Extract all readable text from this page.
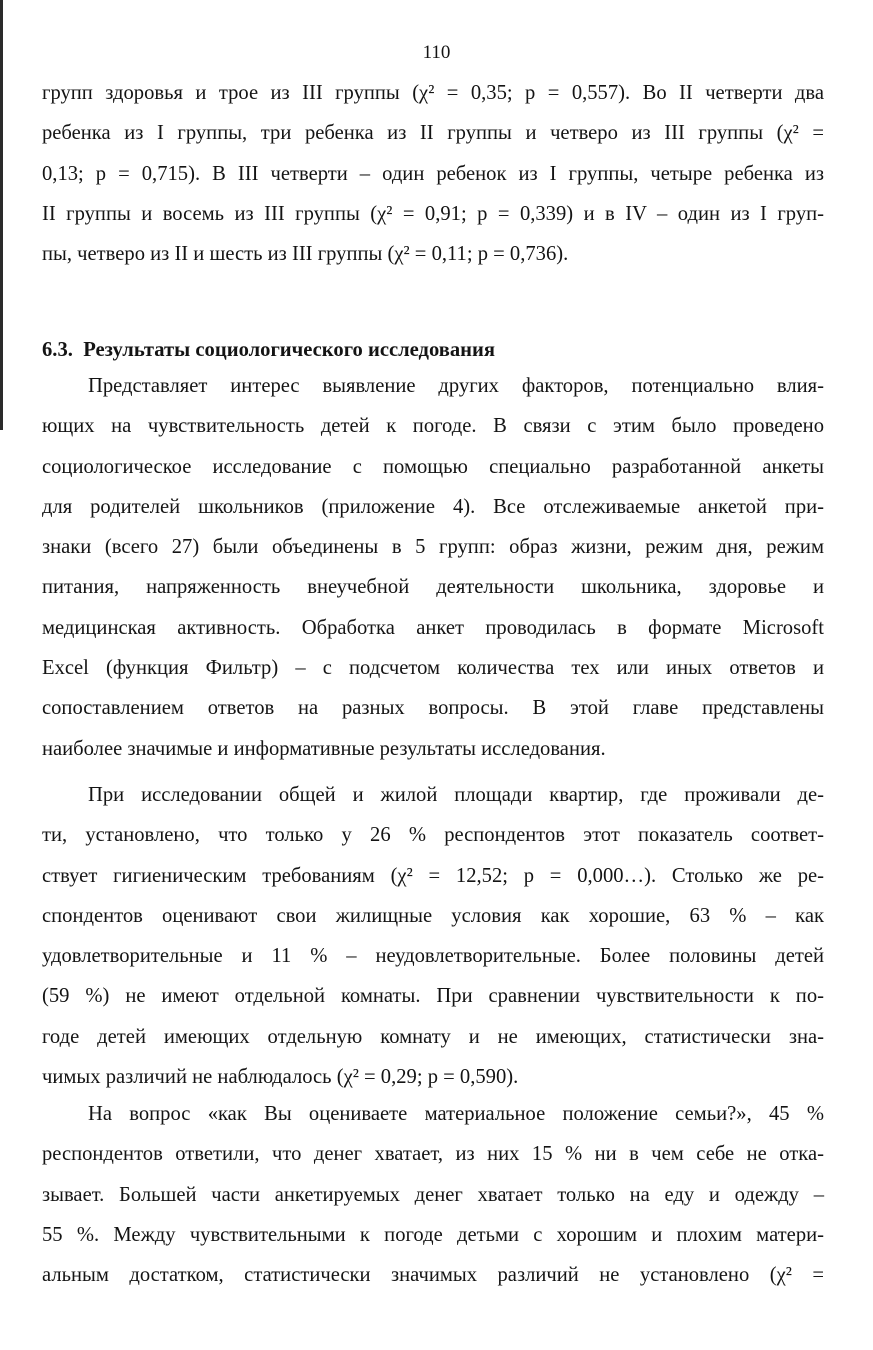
110
групп здоровья и трое из III группы (χ² = 0,35; р = 0,557). Во II четверти два
ребенка из I группы, три ребенка из II группы и четверо из III группы (χ² =
0,13; р = 0,715). В III четверти – один ребенок из I группы, четыре ребенка из
II группы и восемь из III группы (χ² = 0,91; р = 0,339) и в IV – один из I груп-
пы, четверо из II и шесть из III группы (χ² = 0,11; р = 0,736).
6.3.  Результаты социологического исследования
Представляет интерес выявление других факторов, потенциально влия-
ющих на чувствительность детей к погоде. В связи с этим было проведено
социологическое исследование с помощью специально разработанной анкеты
для родителей школьников (приложение 4). Все отслеживаемые анкетой при-
знаки (всего 27) были объединены в 5 групп: образ жизни, режим дня, режим
питания, напряженность внеучебной деятельности школьника, здоровье и
медицинская активность. Обработка анкет проводилась в формате Microsoft
Excel (функция Фильтр) – с подсчетом количества тех или иных ответов и
сопоставлением ответов на разных вопросы. В этой главе представлены
наиболее значимые и информативные результаты исследования.
При исследовании общей и жилой площади квартир, где проживали де-
ти, установлено, что только у 26 % респондентов этот показатель соответ-
ствует гигиеническим требованиям (χ² = 12,52; р = 0,000…). Столько же ре-
спондентов оценивают свои жилищные условия как хорошие, 63 % – как
удовлетворительные и 11 % – неудовлетворительные. Более половины детей
(59 %) не имеют отдельной комнаты. При сравнении чувствительности к по-
годе детей имеющих отдельную комнату и не имеющих, статистически зна-
чимых различий не наблюдалось (χ² = 0,29; р = 0,590).
На вопрос «как Вы оцениваете материальное положение семьи?», 45 %
респондентов ответили, что денег хватает, из них 15 % ни в чем себе не отка-
зывает. Большей части анкетируемых денег хватает только на еду и одежду –
55 %. Между чувствительными к погоде детьми с хорошим и плохим матери-
альным достатком, статистически значимых различий не установлено (χ² =
